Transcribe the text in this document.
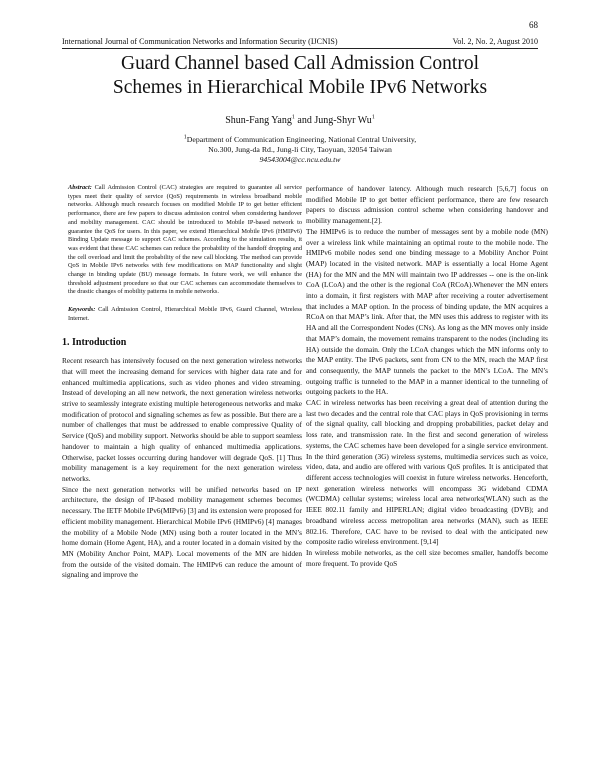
68
International Journal of Communication Networks and Information Security (IJCNIS)	Vol. 2, No. 2, August 2010
Guard Channel based Call Admission Control
Schemes in Hierarchical Mobile IPv6 Networks
Shun-Fang Yang$^1$ and Jung-Shyr Wu$^1$
$^1$Department of Communication Engineering, National Central University,
No.300, Jung-da Rd., Jung-li City, Taoyuan, 32054 Taiwan
94543004@cc.ncu.edu.tw

Abstract: Call Admission Control (CAC) strategies are required to guarantee all service types meet their quality of service (QoS) requirements in wireless broadband mobile networks. Although much research focuses on modified Mobile IP to get better efficient performance, there are few papers to discuss admission control when considering handover and mobility management. CAC should be introduced to Mobile IP-based network to guarantee the QoS for users. In this paper, we extend Hierarchical Mobile IPv6 (HMIPv6) Binding Update message to support CAC schemes. According to the simulation results, it was evident that these CAC schemes can reduce the probability of the handoff dropping and the cell overload and limit the probability of the new call blocking. The method can provide QoS in Mobile IPv6 networks with few modifications on MAP functionality and slight change in binding update (BU) message formats. In future work, we will enhance the threshold adjustment procedure so that our CAC schemes can accommodate themselves to the drastic changes of mobility patterns in mobile networks.

Keywords: Call Admission Control, Hierarchical Mobile IPv6, Guard Channel, Wireless Internet.

1. Introduction

Recent research has intensively focused on the next generation wireless networks that will meet the increasing demand for services with higher data rate and for enhanced multimedia applications, such as video phones and video streaming. Instead of developing an all new network, the next generation wireless networks strive to seamlessly integrate existing multiple heterogeneous networks and make modification of protocol and signaling schemes as few as possible. But there are a number of challenges that must be addressed to enable compressive Quality of Service (QoS) and mobility support. Networks should be able to support seamless handover to maintain a high quality of enhanced multimedia applications. Otherwise, packet losses occurring during handover will degrade QoS. [1] Thus mobility management is a key requirement for the next generation wireless networks.

Since the next generation networks will be unified networks based on IP architecture, the design of IP-based mobility management schemes becomes necessary. The IETF Mobile IPv6(MIPv6) [3] and its extension were proposed for efficient mobility management. Hierarchical Mobile IPv6 (HMIPv6) [4] manages the mobility of a Mobile Node (MN) using both a router located in the MN’s home domain (Home Agent, HA), and a router located in a domain visited by the MN (Mobility Anchor Point, MAP). Local movements of the MN are hidden from the outside of the visited domain. The HMIPv6 can reduce the amount of signaling and improve the

performance of handover latency. Although much research [5,6,7] focus on modified Mobile IP to get better efficient performance, there are few research papers to discuss admission control scheme when considering handover and mobility management.[2].

The HMIPv6 is to reduce the number of messages sent by a mobile node (MN) over a wireless link while maintaining an optimal route to the mobile node. The HMIPv6 mobile nodes send one binding message to a Mobility Anchor Point (MAP) located in the visited network. MAP is essentially a local Home Agent (HA) for the MN and the MN will maintain two IP addresses -- one is the on-link CoA (LCoA) and the other is the regional CoA (RCoA).Whenever the MN enters into a domain, it first registers with MAP after receiving a router advertisement that includes a MAP option. In the process of binding update, the MN acquires a RCoA on that MAP’s link. After that, the MN uses this address to register with its HA and all the Correspondent Nodes (CNs). As long as the MN moves only inside that MAP’s domain, the movement remains transparent to the nodes (including its HA) outside the domain. Only the LCoA changes which the MN informs only to the MAP entity. The IPv6 packets, sent from CN to the MN, reach the MAP first and consequently, the MAP tunnels the packet to the MN’s LCoA. The MN’s outgoing traffic is tunneled to the MAP in a manner identical to the tunneling of outgoing packets to the HA.

CAC in wireless networks has been receiving a great deal of attention during the last two decades and the central role that CAC plays in QoS provisioning in terms of the signal quality, call blocking and dropping probabilities, packet delay and loss rate, and transmission rate. In the first and second generation of wireless systems, the CAC schemes have been developed for a single service environment. In the third generation (3G) wireless systems, multimedia services such as voice, video, data, and audio are offered with various QoS profiles. It is anticipated that different access technologies will coexist in future wireless networks. Henceforth, next generation wireless networks will encompass 3G wideband CDMA (WCDMA) cellular systems; wireless local area networks(WLAN) such as the IEEE 802.11 family and HIPERLAN; digital video broadcasting (DVB); and broadband wireless access metropolitan area networks (MAN), such as IEEE 802.16. Therefore, CAC have to be revised to deal with the anticipated new composite radio wireless environment. [9,14]

In wireless mobile networks, as the cell size becomes smaller, handoffs become more frequent. To provide QoS
